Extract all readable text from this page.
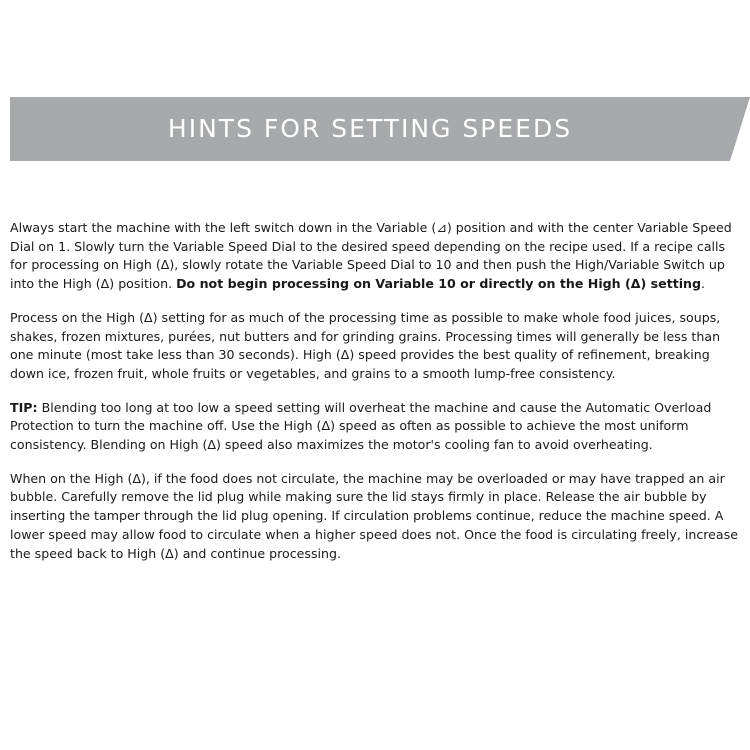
HINTS FOR SETTING SPEEDS

Always start the machine with the left switch down in the Variable (⊿) position and with the center Variable Speed Dial on 1. Slowly turn the Variable Speed Dial to the desired speed depending on the recipe used. If a recipe calls for processing on High (Δ), slowly rotate the Variable Speed Dial to 10 and then push the High/Variable Switch up into the High (Δ) position. Do not begin processing on Variable 10 or directly on the High (Δ) setting.

Process on the High (Δ) setting for as much of the processing time as possible to make whole food juices, soups, shakes, frozen mixtures, purées, nut butters and for grinding grains. Processing times will generally be less than one minute (most take less than 30 seconds). High (Δ) speed provides the best quality of refinement, breaking down ice, frozen fruit, whole fruits or vegetables, and grains to a smooth lump-free consistency.

TIP: Blending too long at too low a speed setting will overheat the machine and cause the Automatic Overload Protection to turn the machine off. Use the High (Δ) speed as often as possible to achieve the most uniform consistency. Blending on High (Δ) speed also maximizes the motor's cooling fan to avoid overheating.

When on the High (Δ), if the food does not circulate, the machine may be overloaded or may have trapped an air bubble. Carefully remove the lid plug while making sure the lid stays firmly in place. Release the air bubble by inserting the tamper through the lid plug opening. If circulation problems continue, reduce the machine speed. A lower speed may allow food to circulate when a higher speed does not. Once the food is circulating freely, increase the speed back to High (Δ) and continue processing.
